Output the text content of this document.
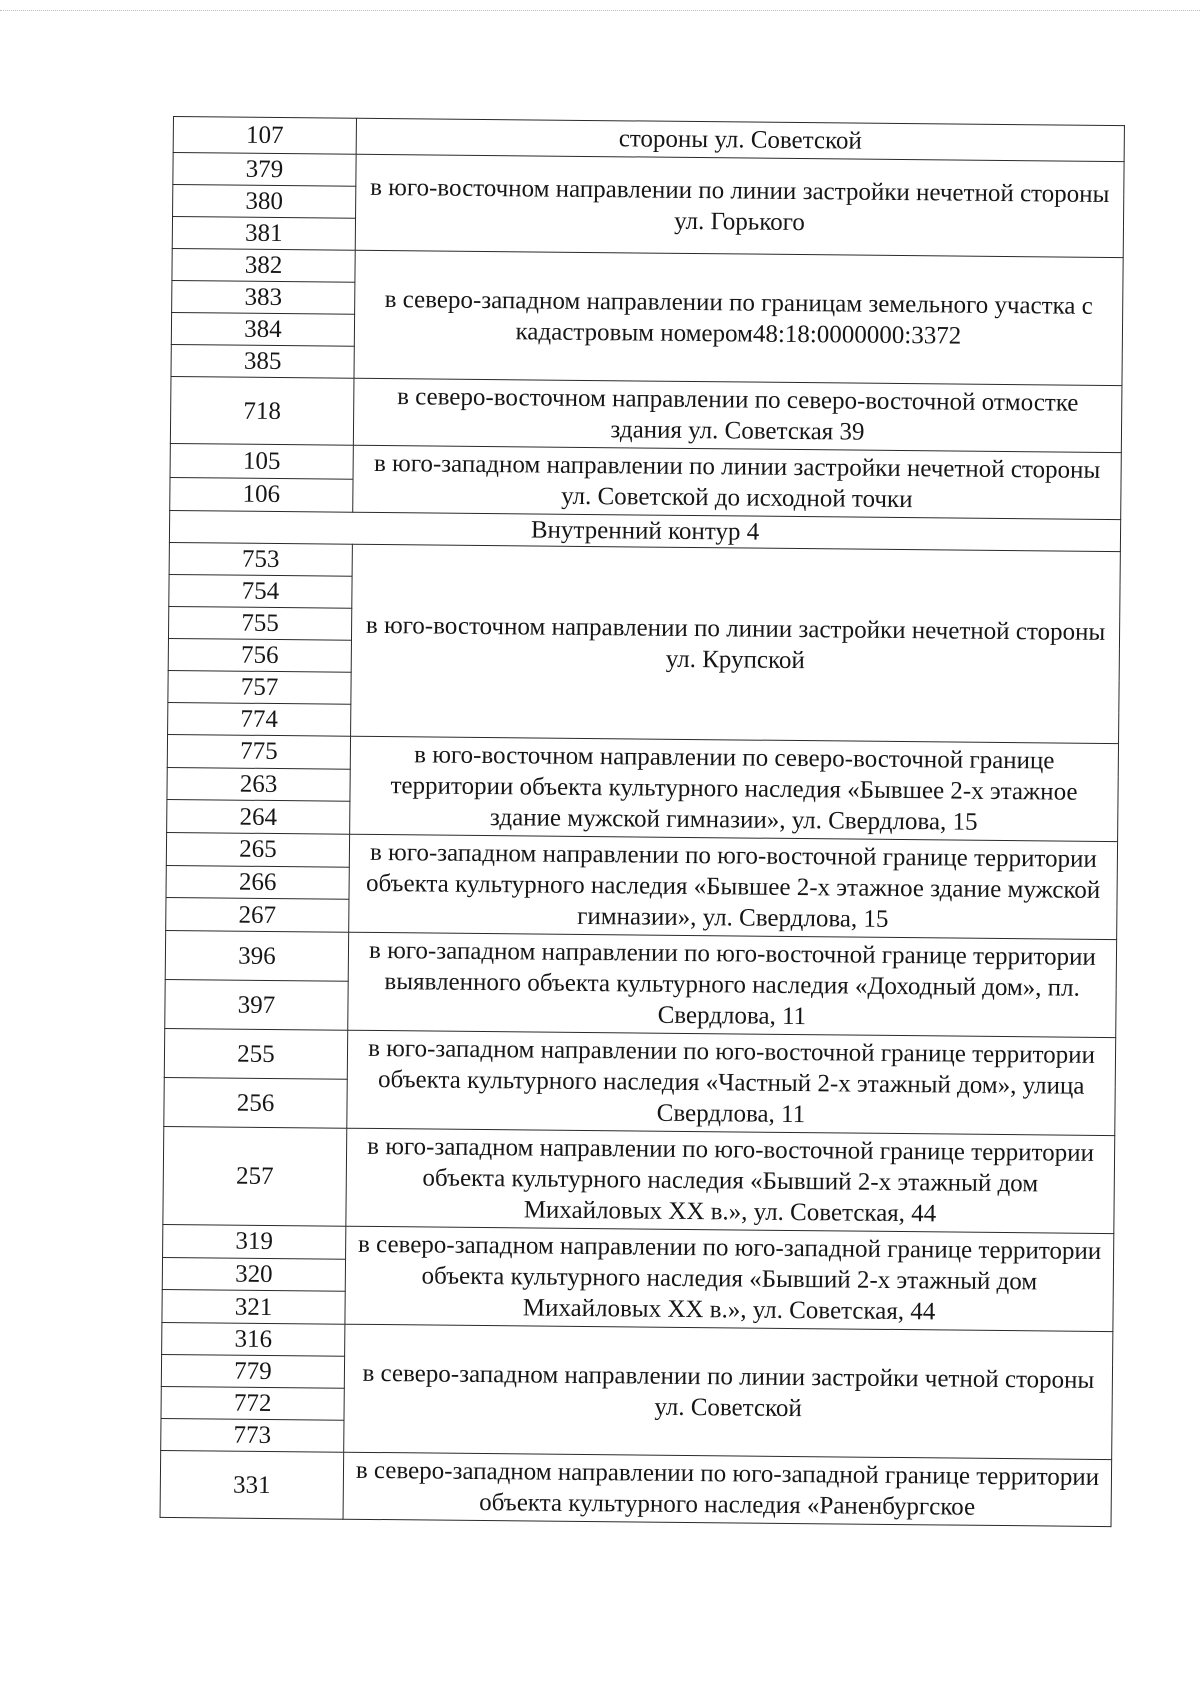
107	стороны ул. Советской
379	в юго-восточном направлении по линии застройки нечетной стороны ул. Горького
380	
381	
382	в северо-западном направлении по границам земельного участка с кадастровым номером48:18:0000000:3372
383	
384	
385	
718	в северо-восточном направлении по северо-восточной отмостке здания ул. Советская 39
105	в юго-западном направлении по линии застройки нечетной стороны ул. Советской до исходной точки
106	
Внутренний контур 4	
753	в юго-восточном направлении по линии застройки нечетной стороны ул. Крупской
754	
755	
756	
757	
774	
775	в юго-восточном направлении по северо-восточной границе территории объекта культурного наследия «Бывшее 2-х этажное здание мужской гимназии», ул. Свердлова, 15
263	
264	
265	в юго-западном направлении по юго-восточной границе территории объекта культурного наследия «Бывшее 2-х этажное здание мужской гимназии», ул. Свердлова, 15
266	
267	
396	в юго-западном направлении по юго-восточной границе территории выявленного объекта культурного наследия «Доходный дом», пл. Свердлова, 11
397	
255	в юго-западном направлении по юго-восточной границе территории объекта культурного наследия «Частный 2-х этажный дом», улица Свердлова, 11
256	
257	в юго-западном направлении по юго-восточной границе территории объекта культурного наследия «Бывший 2-х этажный дом Михайловых XX в.», ул. Советская, 44
319	в северо-западном направлении по юго-западной границе территории объекта культурного наследия «Бывший 2-х этажный дом Михайловых XX в.», ул. Советская, 44
320	
321	
316	в северо-западном направлении по линии застройки четной стороны ул. Советской
779	
772	
773	
331	в северо-западном направлении по юго-западной границе территории объекта культурного наследия «Раненбургское
